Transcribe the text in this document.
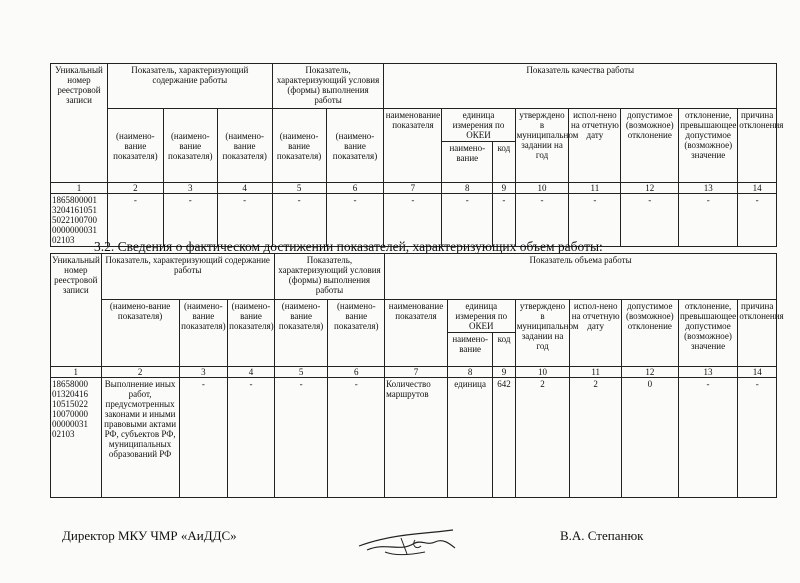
Уникальный номер реестровой записи	Показатель, характеризующий содержание работы			Показатель, характеризующий условия (формы) выполнения работы		Показатель качества работы							
	(наимено-вание показателя)	(наимено-вание показателя)	(наимено-вание показателя)	(наимено-вание показателя)	(наимено-вание показателя)	наименование показателя	единица измерения по ОКЕИ		утверждено в муниципальном задании на год	испол-нено на отчетную дату	допустимое (возможное) отклонение	отклонение, превышающее допустимое (возможное) значение	причина отклонения
							наимено-вание	код					
1	2	3	4	5	6	7	8	9	10	11	12	13	14
1865800001 3204161051 5022100700 0000000031 02103	-	-	-	-	-	-	-	-	-	-	-	-	-
3.2. Сведения о фактическом достижении показателей, характеризующих объем работы:
Уникальный номер реестровой записи	Показатель, характеризующий содержание работы			Показатель, характеризующий условия (формы) выполнения работы		Показатель объема работы							
	(наимено-вание показателя)	(наимено-вание показателя)	(наимено-вание показателя)	(наимено-вание показателя)	(наимено-вание показателя)	наименование показателя	единица измерения по ОКЕИ		утверждено в муниципальном задании на год	испол-нено на отчетную дату	допустимое (возможное) отклонение	отклонение, превышающее допустимое (возможное) значение	причина отклонения
							наимено-вание	код					
1	2	3	4	5	6	7	8	9	10	11	12	13	14
18658000 01320416 10515022 10070000 00000031 02103	Выполнение иных работ, предусмотренных законами и иными правовыми актами РФ, субъектов РФ, муниципальных образований РФ	-	-	-	-	Количество маршрутов	единица	642	2	2	0	-	-
Директор МКУ ЧМР «АиДДС»	В.А. Степанюк
